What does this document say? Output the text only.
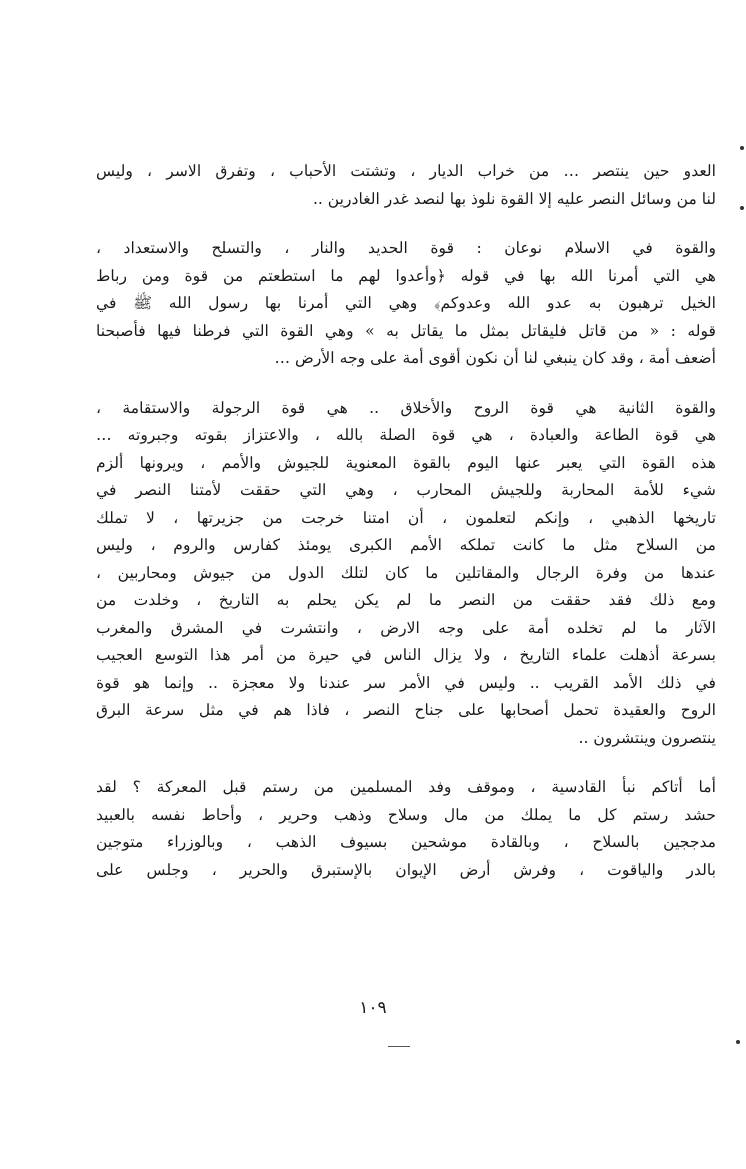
العدو حين ينتصر … من خراب الديار ، وتشتت الأحباب ، وتفرق الاسر ، وليس
لنا من وسائل النصر عليه إلا القوة نلوذ بها لنصد غدر الغادرين ..
والقوة في الاسلام نوعان : قوة الحديد والنار ، والتسلح والاستعداد ،
هي التي أمرنا الله بها في قوله ﴿وأعدوا لهم ما استطعتم من قوة ومن رباط
الخيل ترهبون به عدو الله وعدوكم﴾ وهي التي أمرنا بها رسول الله ﷺ في
قوله : « من قاتل فليقاتل بمثل ما يقاتل به » وهي القوة التي فرطنا فيها فأصبحنا
أضعف أمة ، وقد كان ينبغي لنا أن نكون أقوى أمة على وجه الأرض …
والقوة الثانية هي قوة الروح والأخلاق .. هي قوة الرجولة والاستقامة ،
هي قوة الطاعة والعبادة ، هي قوة الصلة بالله ، والاعتزاز بقوته وجبروته …
هذه القوة التي يعبر عنها اليوم بالقوة المعنوية للجيوش والأمم ، ويرونها ألزم
شيء للأمة المحاربة وللجيش المحارب ، وهي التي حققت لأمتنا النصر في
تاريخها الذهبي ، وإنكم لتعلمون ، أن امتنا خرجت من جزيرتها ، لا تملك
من السلاح مثل ما كانت تملكه الأمم الكبرى يومئذ كفارس والروم ، وليس
عندها من وفرة الرجال والمقاتلين ما كان لتلك الدول من جيوش ومحاربين ،
ومع ذلك فقد حققت من النصر ما لم يكن يحلم به التاريخ ، وخلدت من
الآثار ما لم تخلده أمة على وجه الارض ، وانتشرت في المشرق والمغرب
بسرعة أذهلت علماء التاريخ ، ولا يزال الناس في حيرة من أمر هذا التوسع العجيب
في ذلك الأمد القريب .. وليس في الأمر سر عندنا ولا معجزة .. وإنما هو قوة
الروح والعقيدة تحمل أصحابها على جناح النصر ، فاذا هم في مثل سرعة البرق
ينتصرون وينتشرون ..
أما أتاكم نبأ القادسية ، وموقف وفد المسلمين من رستم قبل المعركة ؟ لقد
حشد رستم كل ما يملك من مال وسلاح وذهب وحرير ، وأحاط نفسه بالعبيد
مدججين بالسلاح ، وبالقادة موشحين بسيوف الذهب ، وبالوزراء متوجين
بالدر والياقوت ، وفرش أرض الإيوان بالإستبرق والحرير ، وجلس على
١٠٩
